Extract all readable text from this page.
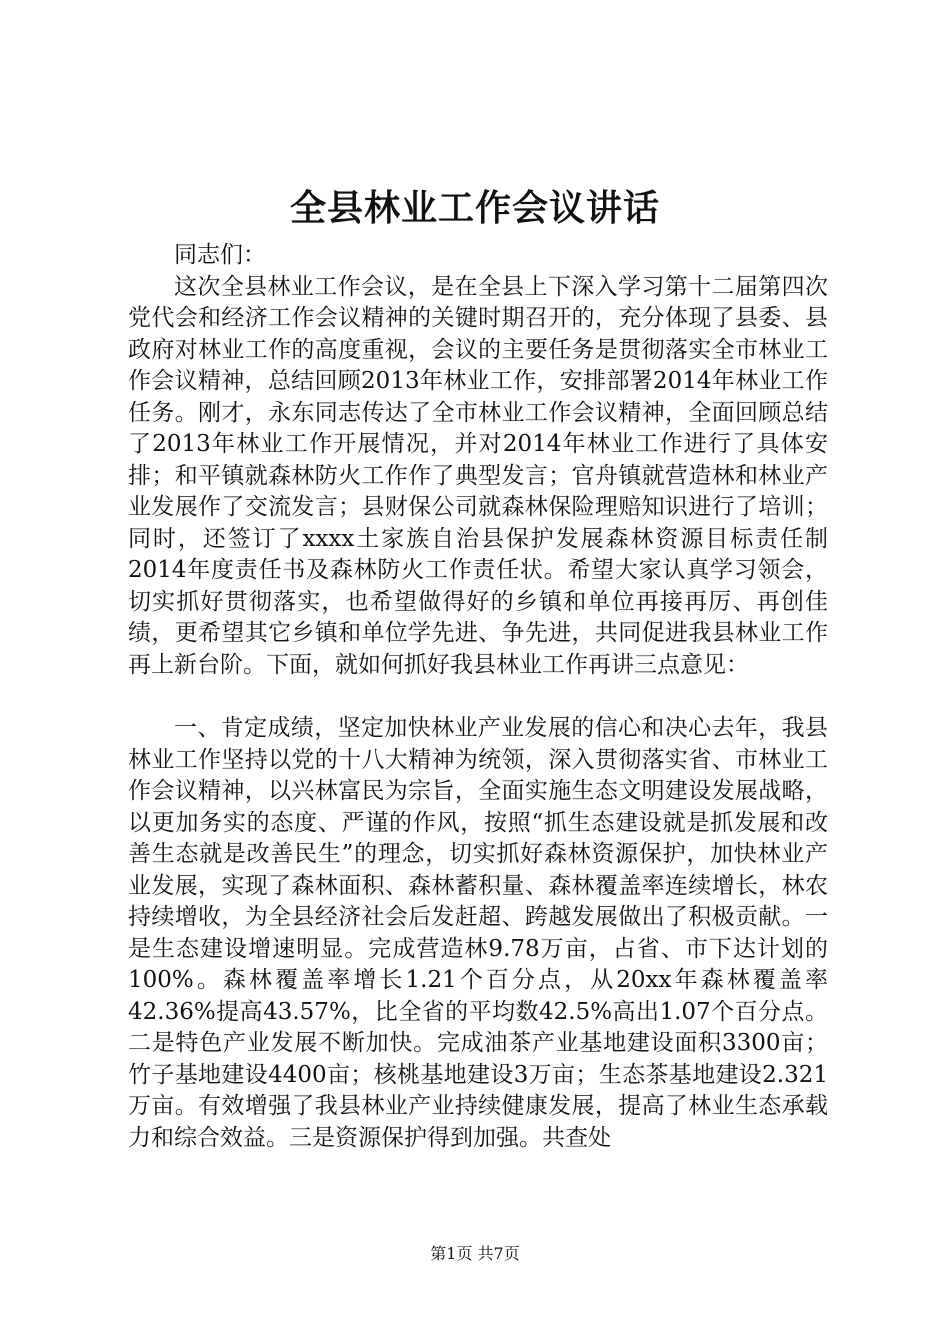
全县林业工作会议讲话

同志们：

这次全县林业工作会议，是在全县上下深入学习第十二届第四次党代会和经济工作会议精神的关键时期召开的，充分体现了县委、县政府对林业工作的高度重视，会议的主要任务是贯彻落实全市林业工作会议精神，总结回顾2013年林业工作，安排部署2014年林业工作任务。刚才，永东同志传达了全市林业工作会议精神，全面回顾总结了2013年林业工作开展情况，并对2014年林业工作进行了具体安排；和平镇就森林防火工作作了典型发言；官舟镇就营造林和林业产业发展作了交流发言；县财保公司就森林保险理赔知识进行了培训；同时，还签订了xxxx土家族自治县保护发展森林资源目标责任制2014年度责任书及森林防火工作责任状。希望大家认真学习领会，切实抓好贯彻落实，也希望做得好的乡镇和单位再接再厉、再创佳绩，更希望其它乡镇和单位学先进、争先进，共同促进我县林业工作再上新台阶。下面，就如何抓好我县林业工作再讲三点意见：

一、肯定成绩，坚定加快林业产业发展的信心和决心去年，我县林业工作坚持以党的十八大精神为统领，深入贯彻落实省、市林业工作会议精神，以兴林富民为宗旨，全面实施生态文明建设发展战略，以更加务实的态度、严谨的作风，按照“抓生态建设就是抓发展和改善生态就是改善民生”的理念，切实抓好森林资源保护，加快林业产业发展，实现了森林面积、森林蓄积量、森林覆盖率连续增长，林农持续增收，为全县经济社会后发赶超、跨越发展做出了积极贡献。一是生态建设增速明显。完成营造林9.78万亩，占省、市下达计划的100%。森林覆盖率增长1.21个百分点，从20xx年森林覆盖率42.36%提高43.57%，比全省的平均数42.5%高出1.07个百分点。二是特色产业发展不断加快。完成油茶产业基地建设面积3300亩；竹子基地建设4400亩；核桃基地建设3万亩；生态茶基地建设2.321万亩。有效增强了我县林业产业持续健康发展，提高了林业生态承载力和综合效益。三是资源保护得到加强。共查处

第1页 共7页
